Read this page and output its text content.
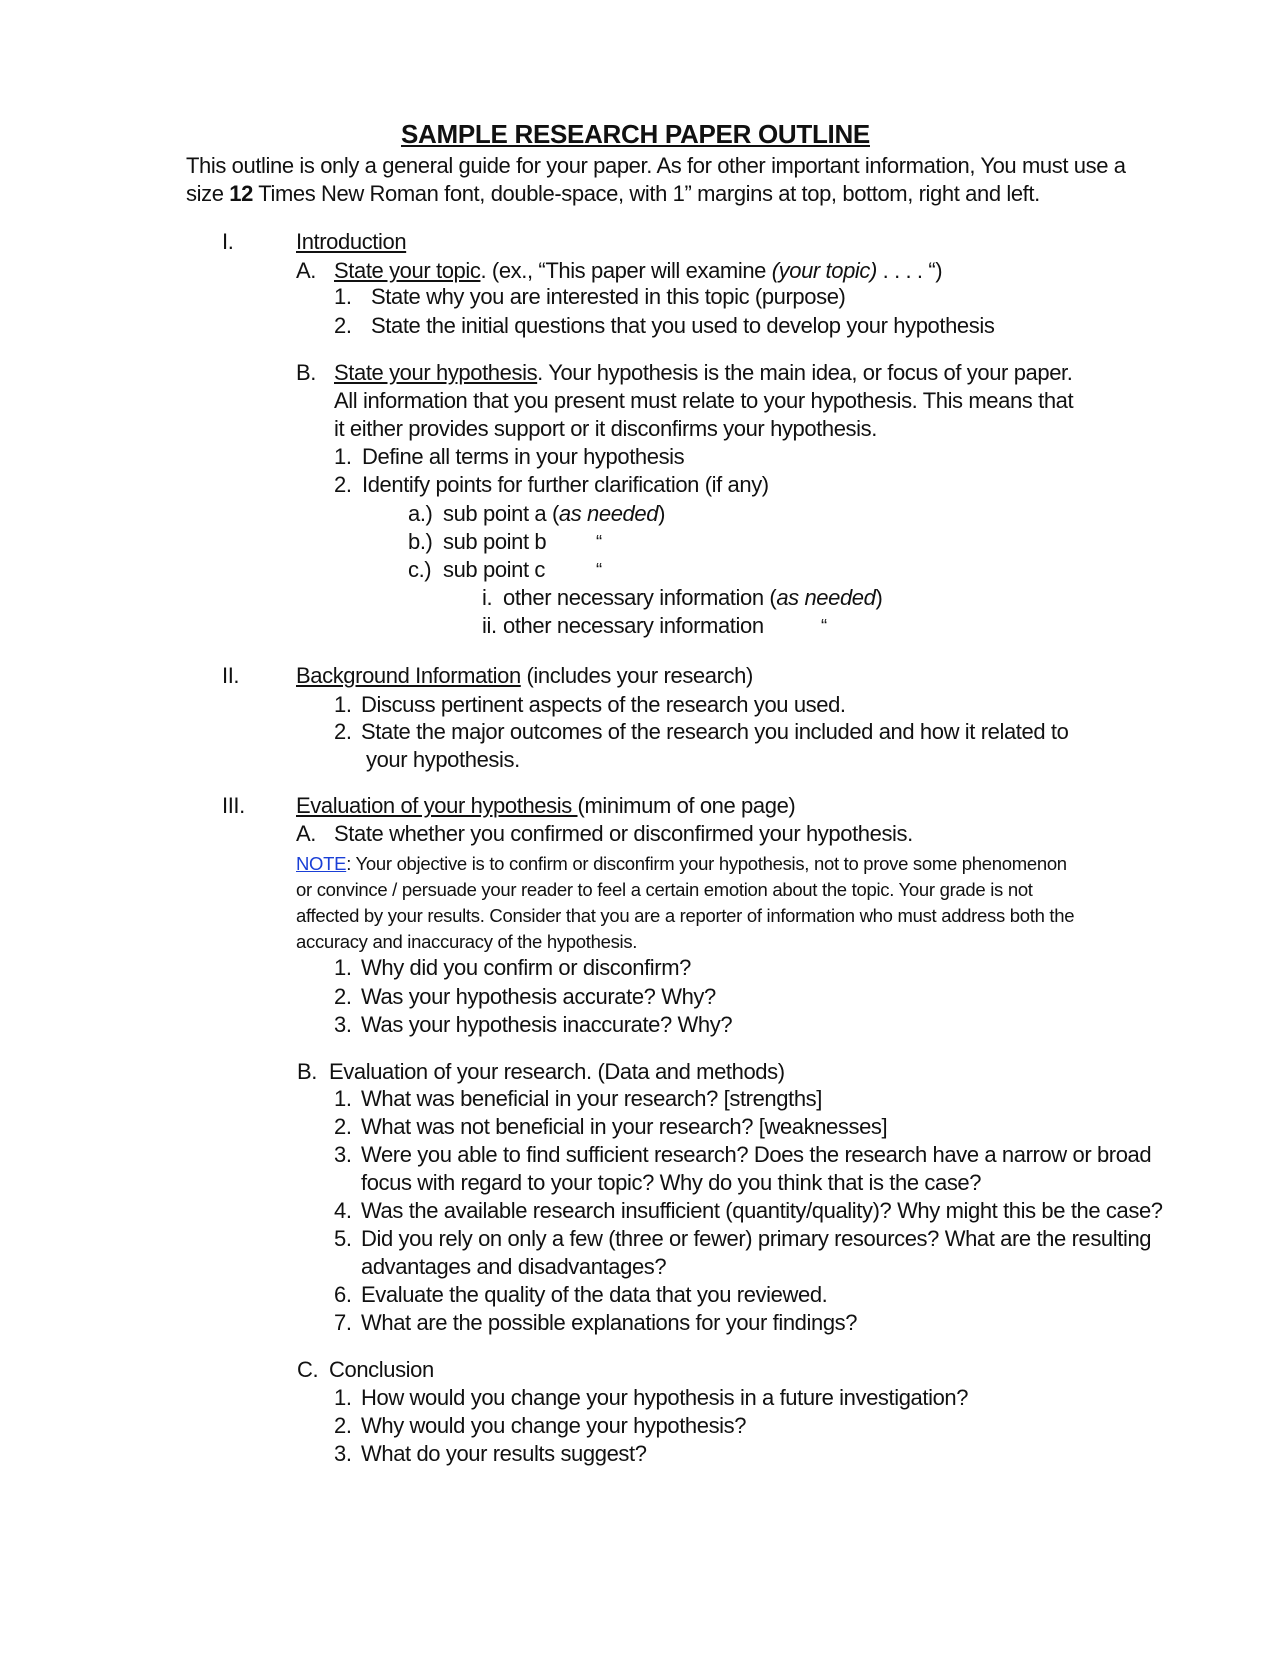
SAMPLE RESEARCH PAPER OUTLINE
This outline is only a general guide for your paper. As for other important information, You must use a
size 12 Times New Roman font, double-space, with 1” margins at top, bottom, right and left.
I.	Introduction
A. State your topic. (ex., “This paper will examine (your topic) . . . . “)
1. State why you are interested in this topic (purpose)
2. State the initial questions that you used to develop your hypothesis
B. State your hypothesis. Your hypothesis is the main idea, or focus of your paper.
All information that you present must relate to your hypothesis. This means that
it either provides support or it disconfirms your hypothesis.
1. Define all terms in your hypothesis
2. Identify points for further clarification (if any)
a.) sub point a (as needed)
b.) sub point b	“
c.) sub point c	“
i. other necessary information (as needed)
ii. other necessary information	“
II.	Background Information (includes your research)
1. Discuss pertinent aspects of the research you used.
2. State the major outcomes of the research you included and how it related to
your hypothesis.
III. Evaluation of your hypothesis (minimum of one page)
A. State whether you confirmed or disconfirmed your hypothesis.
NOTE: Your objective is to confirm or disconfirm your hypothesis, not to prove some phenomenon
or convince / persuade your reader to feel a certain emotion about the topic. Your grade is not
affected by your results. Consider that you are a reporter of information who must address both the
accuracy and inaccuracy of the hypothesis.
1. Why did you confirm or disconfirm?
2. Was your hypothesis accurate? Why?
3. Was your hypothesis inaccurate? Why?
B. Evaluation of your research. (Data and methods)
1. What was beneficial in your research? [strengths]
2. What was not beneficial in your research? [weaknesses]
3. Were you able to find sufficient research? Does the research have a narrow or broad
focus with regard to your topic? Why do you think that is the case?
4. Was the available research insufficient (quantity/quality)? Why might this be the case?
5. Did you rely on only a few (three or fewer) primary resources? What are the resulting
advantages and disadvantages?
6. Evaluate the quality of the data that you reviewed.
7. What are the possible explanations for your findings?
C. Conclusion
1. How would you change your hypothesis in a future investigation?
2. Why would you change your hypothesis?
3. What do your results suggest?
